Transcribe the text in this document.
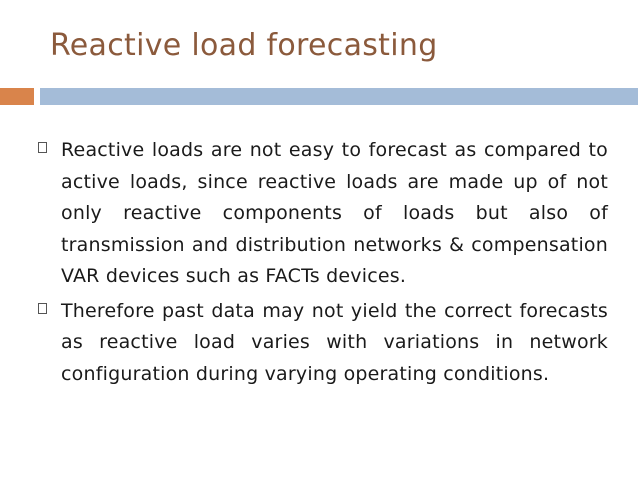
Reactive load forecasting
Reactive loads are not easy to forecast as compared to active loads, since reactive loads are made up of not only reactive components of loads but also of transmission and distribution networks & compensation VAR devices such as FACTs devices.
Therefore past data may not yield the correct forecasts as reactive load varies with variations in network configuration during varying operating conditions.
